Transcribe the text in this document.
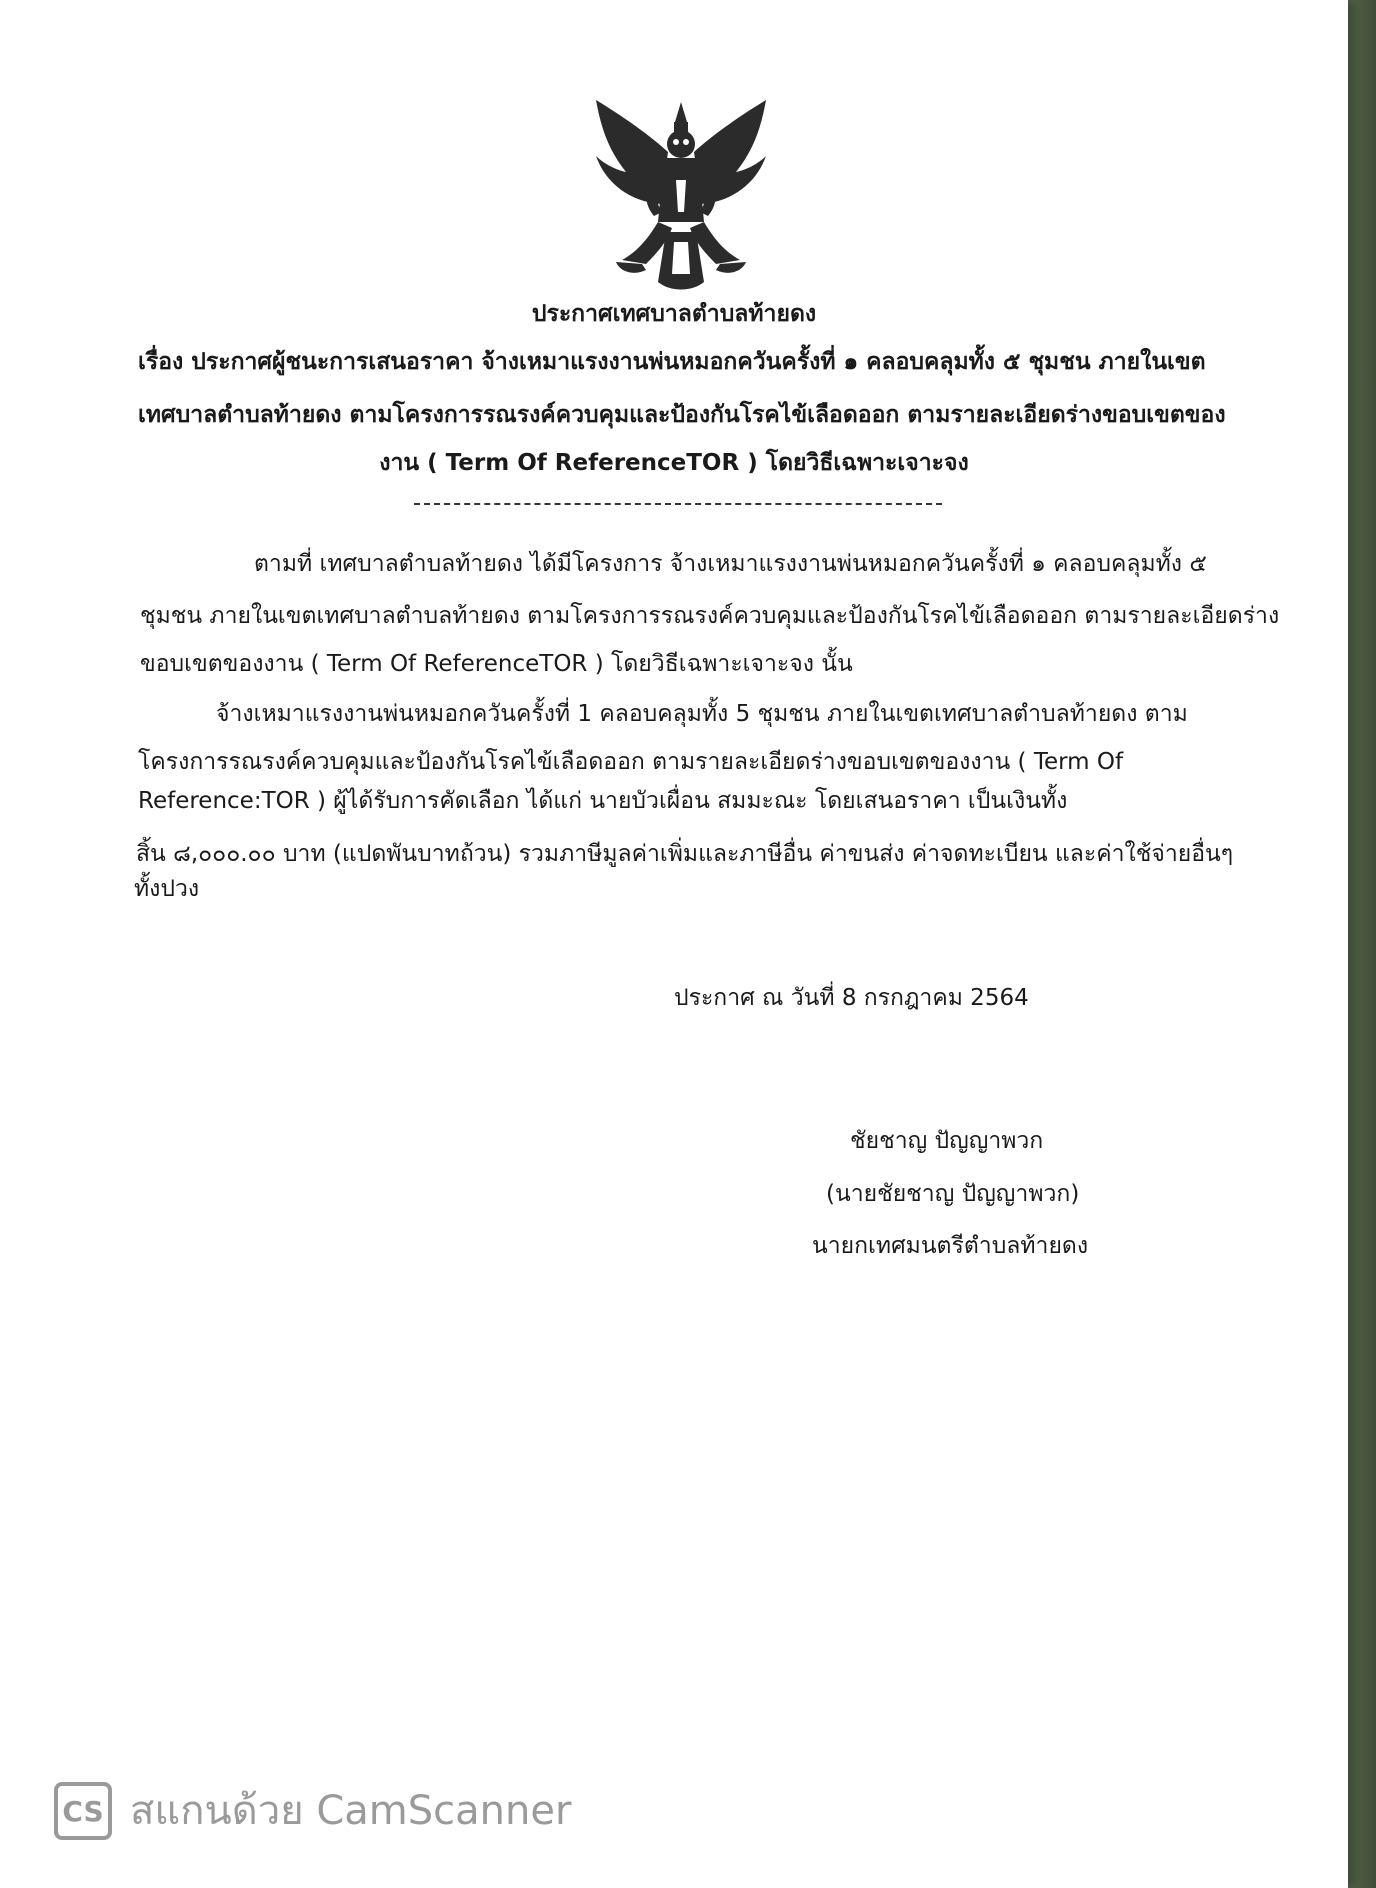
ประกาศเทศบาลตำบลท้ายดง
เรื่อง ประกาศผู้ชนะการเสนอราคา จ้างเหมาแรงงานพ่นหมอกควันครั้งที่ ๑ คลอบคลุมทั้ง ๕ ชุมชน ภายในเขต
เทศบาลตำบลท้ายดง ตามโครงการรณรงค์ควบคุมและป้องกันโรคไข้เลือดออก ตามรายละเอียดร่างขอบเขตของ
งาน ( Term Of ReferenceTOR ) โดยวิธีเฉพาะเจาะจง
ตามที่ เทศบาลตำบลท้ายดง ได้มีโครงการ จ้างเหมาแรงงานพ่นหมอกควันครั้งที่ ๑ คลอบคลุมทั้ง ๕
ชุมชน ภายในเขตเทศบาลตำบลท้ายดง ตามโครงการรณรงค์ควบคุมและป้องกันโรคไข้เลือดออก ตามรายละเอียดร่าง
ขอบเขตของงาน ( Term Of ReferenceTOR ) โดยวิธีเฉพาะเจาะจง นั้น
จ้างเหมาแรงงานพ่นหมอกควันครั้งที่ 1 คลอบคลุมทั้ง 5 ชุมชน ภายในเขตเทศบาลตำบลท้ายดง ตาม
โครงการรณรงค์ควบคุมและป้องกันโรคไข้เลือดออก ตามรายละเอียดร่างขอบเขตของงาน ( Term Of
Reference:TOR ) ผู้ได้รับการคัดเลือก ได้แก่ นายบัวเผื่อน สมมะณะ โดยเสนอราคา เป็นเงินทั้ง
สิ้น ๘,๐๐๐.๐๐ บาท (แปดพันบาทถ้วน) รวมภาษีมูลค่าเพิ่มและภาษีอื่น ค่าขนส่ง ค่าจดทะเบียน และค่าใช้จ่ายอื่นๆ
ทั้งปวง
ประกาศ ณ วันที่ 8 กรกฎาคม 2564
ชัยชาญ ปัญญาพวก
(นายชัยชาญ ปัญญาพวก)
นายกเทศมนตรีตำบลท้ายดง
CS สแกนด้วย CamScanner
